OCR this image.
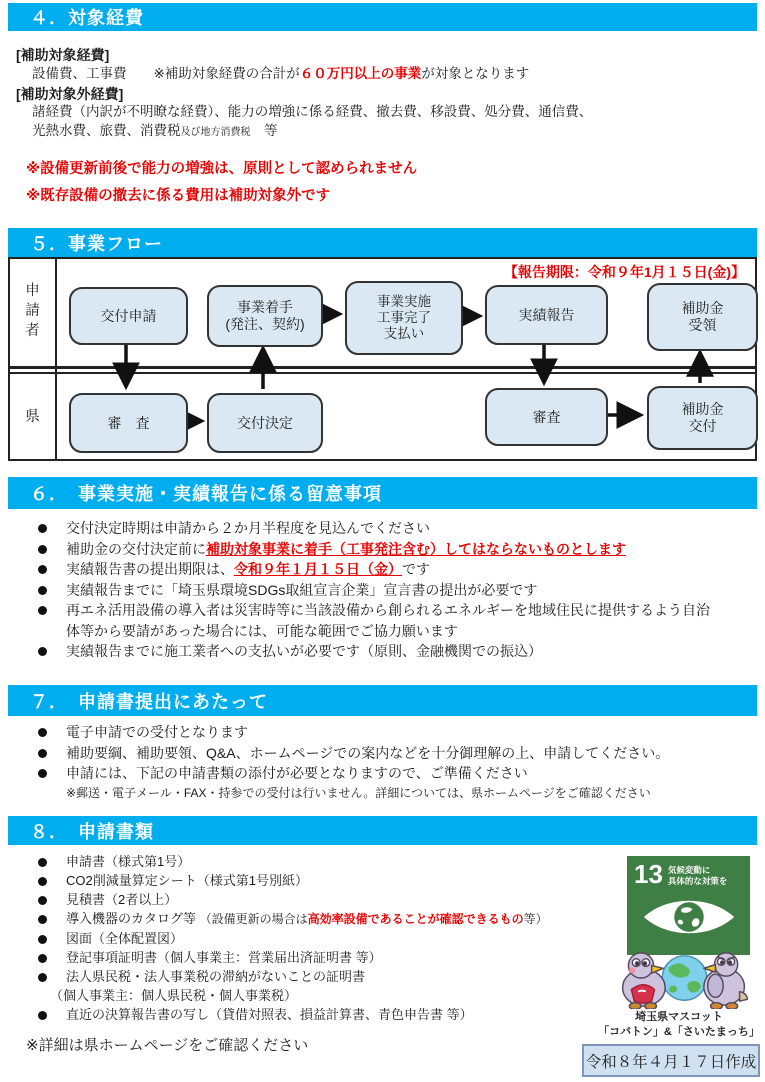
４．対象経費
[補助対象経費]
設備費、工事費　　※補助対象経費の合計が６０万円以上の事業が対象となります
[補助対象外経費]
諸経費（内訳が不明瞭な経費）、能力の増強に係る経費、撤去費、移設費、処分費、通信費、
光熱水費、旅費、消費税及び地方消費税　等
※設備更新前後で能力の増強は、原則として認められません
※既存設備の撤去に係る費用は補助対象外です
５．事業フロー
申請者
県
【報告期限：令和９年1月１５日(金)】
交付申請
事業着手
(発注、契約)
事業実施
工事完了
支払い
実績報告	補助金
受領
審　査	交付決定	審査	補助金
交付
６．　事業実施・実績報告に係る留意事項
交付決定時期は申請から２か月半程度を見込んでください
補助金の交付決定前に補助対象事業に着手（工事発注含む）してはならないものとします
実績報告書の提出期限は、令和９年１月１５日（金）です
実績報告までに「埼玉県環境SDGs取組宣言企業」宣言書の提出が必要です
再エネ活用設備の導入者は災害時等に当該設備から創られるエネルギーを地域住民に提供するよう自治体等から要請があった場合には、可能な範囲でご協力願います
実績報告までに施工業者への支払いが必要です（原則、金融機関での振込）
７．　申請書提出にあたって
電子申請での受付となります
補助要綱、補助要領、Q&A、ホームページでの案内などを十分御理解の上、申請してください。
申請には、下記の申請書類の添付が必要となりますので、ご準備ください
※郵送・電子メール・FAX・持参での受付は行いません。詳細については、県ホームページをご確認ください
８．　申請書類
申請書（様式第1号）
CO2削減量算定シート（様式第1号別紙）
見積書（2者以上）
導入機器のカタログ等 （設備更新の場合は高効率設備であることが確認できるもの等）
図面（全体配置図）
登記事項証明書（個人事業主：営業届出済証明書 等）
法人県民税・法人事業税の滞納がないことの証明書
（個人事業主：個人県民税・個人事業税）
直近の決算報告書の写し（貸借対照表、損益計算書、青色申告書 等）
※詳細は県ホームページをご確認ください
13 気候変動に
具体的な対策を
埼玉県マスコット
「コバトン」&「さいたまっち」
令和８年４月１７日作成
